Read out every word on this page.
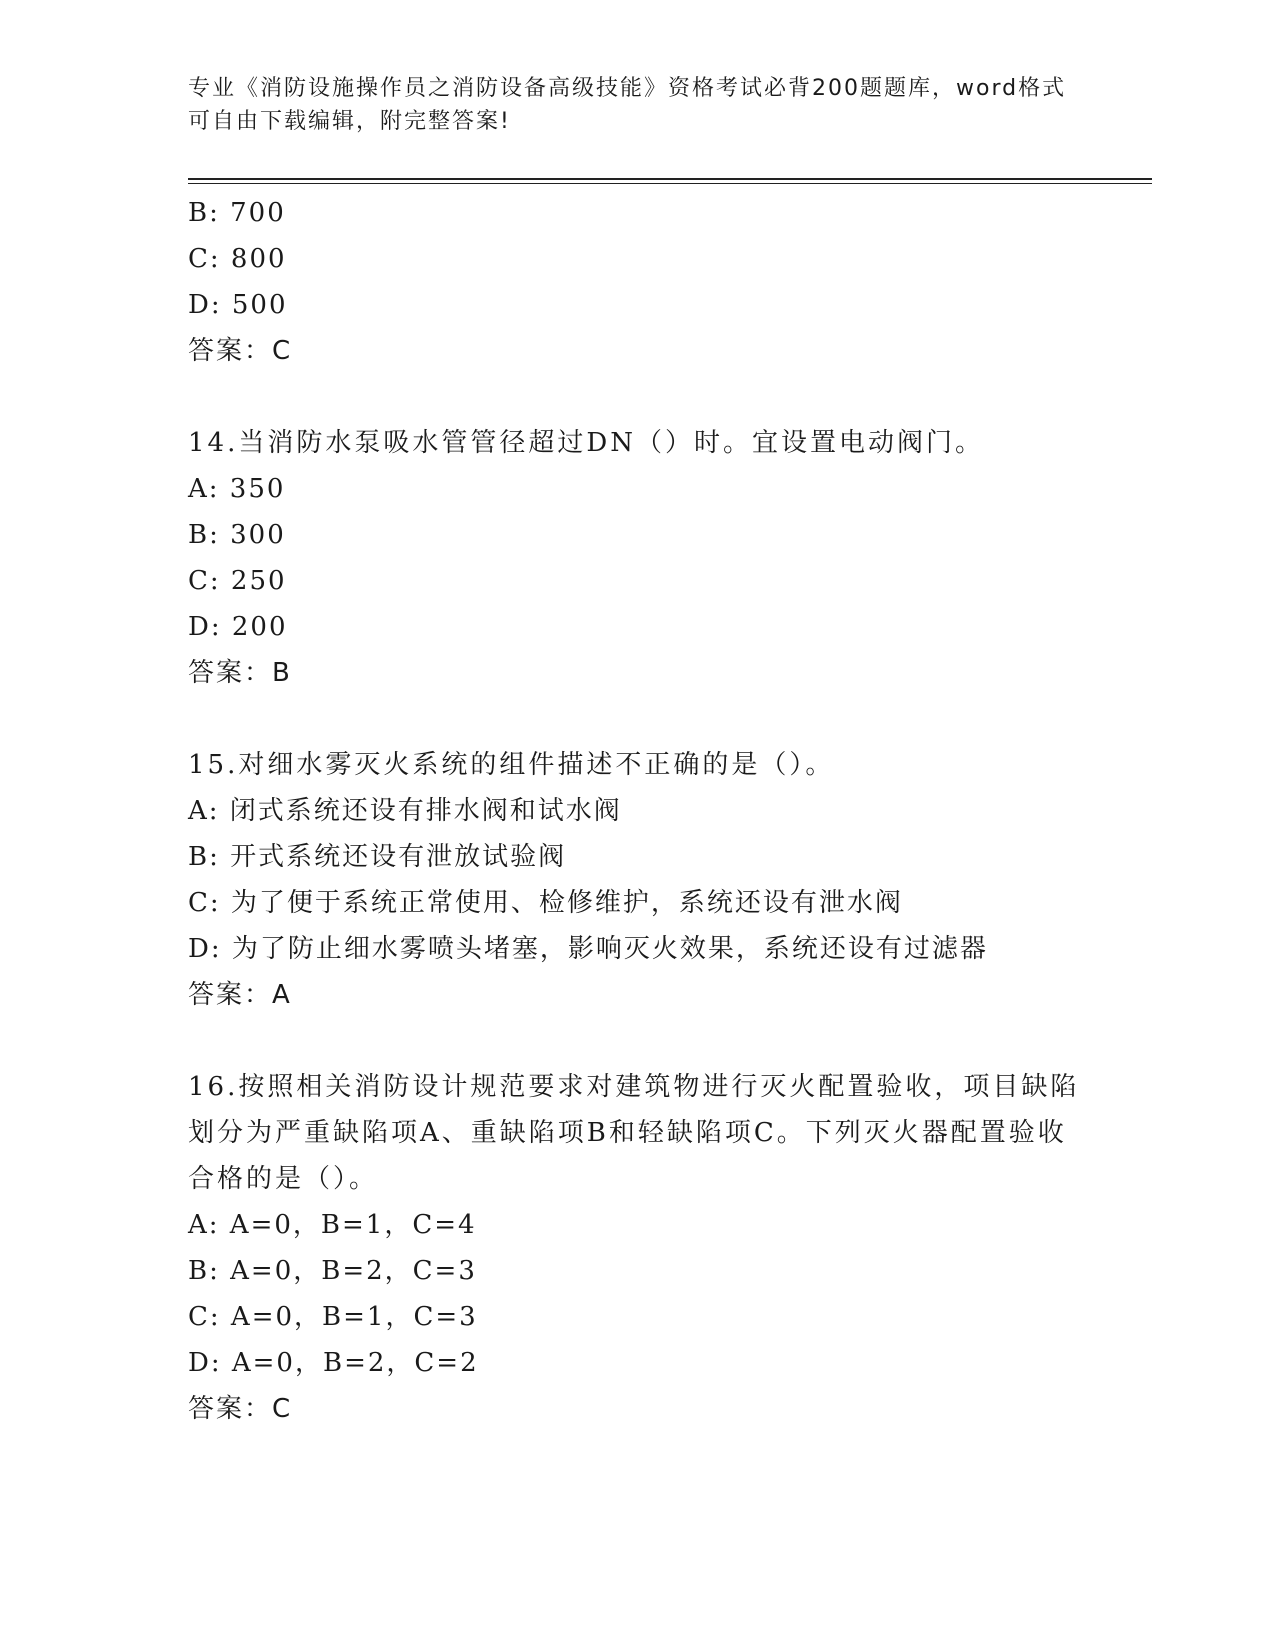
专业《消防设施操作员之消防设备高级技能》资格考试必背200题题库，word格式可自由下载编辑，附完整答案!
B: 700
C: 800
D: 500
答案：C
14.当消防水泵吸水管管径超过DN（）时。宜设置电动阀门。
A: 350
B: 300
C: 250
D: 200
答案：B
15.对细水雾灭火系统的组件描述不正确的是（）。
A: 闭式系统还设有排水阀和试水阀
B: 开式系统还设有泄放试验阀
C: 为了便于系统正常使用、检修维护，系统还设有泄水阀
D: 为了防止细水雾喷头堵塞，影响灭火效果，系统还设有过滤器
答案：A
16.按照相关消防设计规范要求对建筑物进行灭火配置验收，项目缺陷划分为严重缺陷项A、重缺陷项B和轻缺陷项C。下列灭火器配置验收合格的是（）。
A: A=0，B=1，C=4
B: A=0，B=2，C=3
C: A=0，B=1，C=3
D: A=0，B=2，C=2
答案：C
